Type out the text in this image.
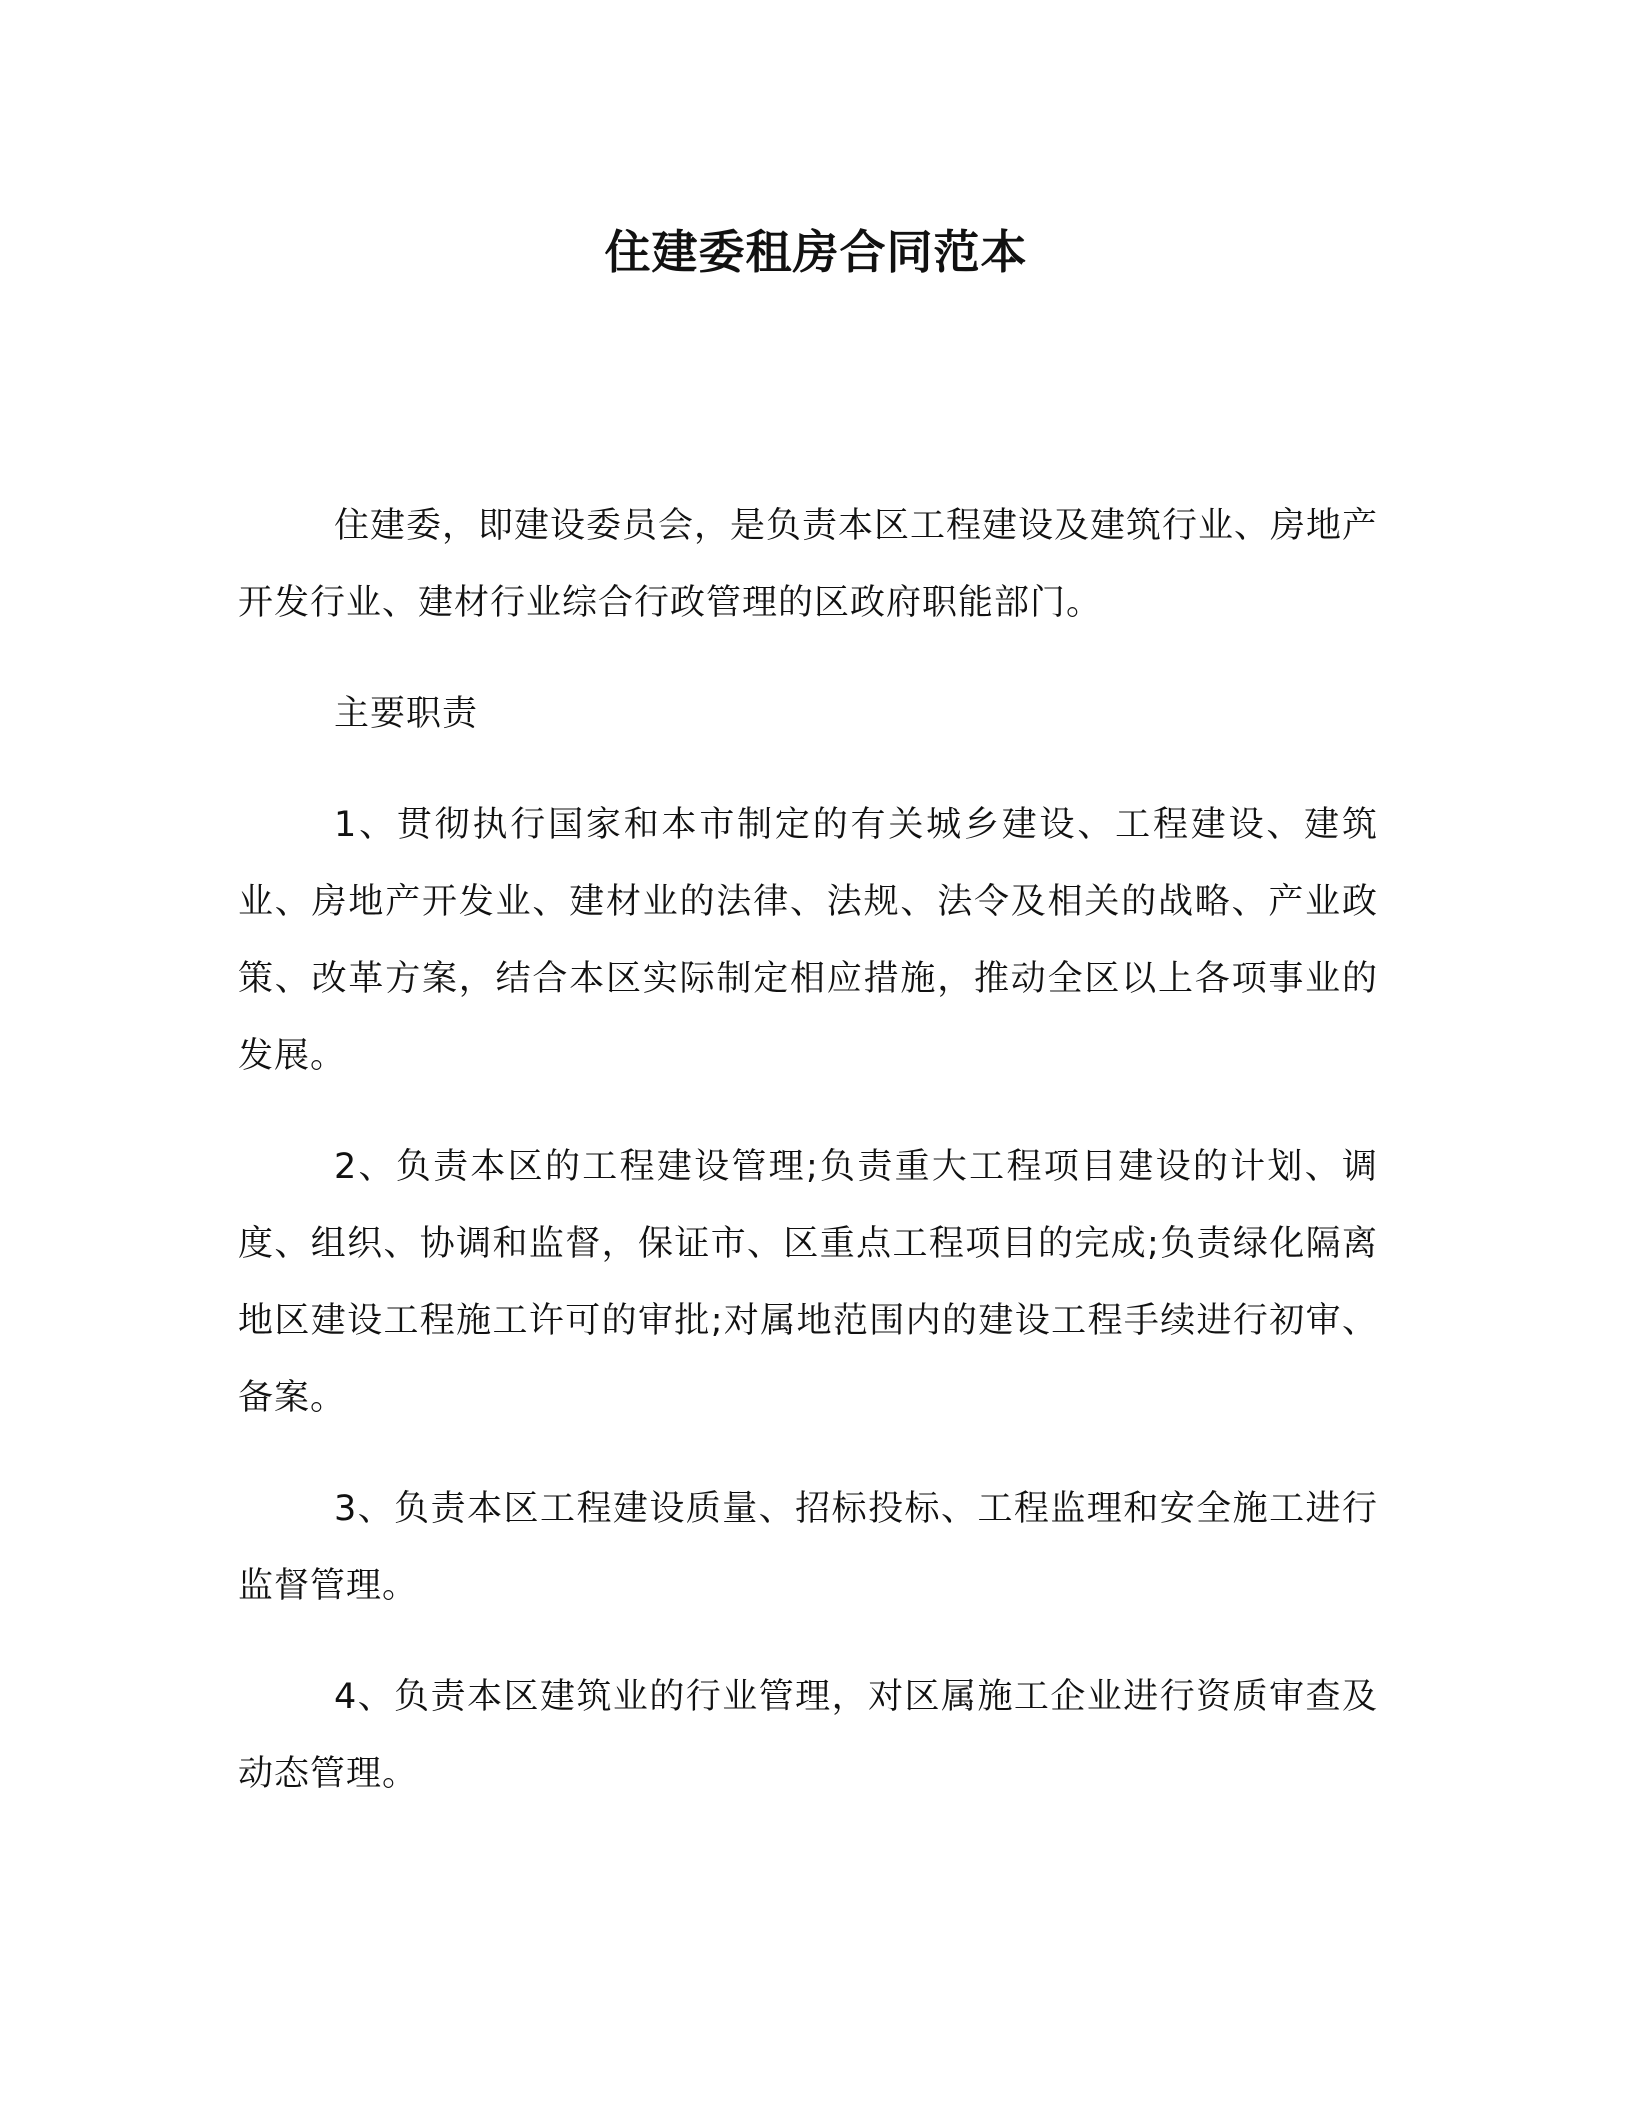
住建委租房合同范本

住建委，即建设委员会，是负责本区工程建设及建筑行业、房地产开发行业、建材行业综合行政管理的区政府职能部门。

主要职责

1、贯彻执行国家和本市制定的有关城乡建设、工程建设、建筑业、房地产开发业、建材业的法律、法规、法令及相关的战略、产业政策、改革方案，结合本区实际制定相应措施，推动全区以上各项事业的发展。

2、负责本区的工程建设管理;负责重大工程项目建设的计划、调度、组织、协调和监督，保证市、区重点工程项目的完成;负责绿化隔离地区建设工程施工许可的审批;对属地范围内的建设工程手续进行初审、备案。

3、负责本区工程建设质量、招标投标、工程监理和安全施工进行监督管理。

4、负责本区建筑业的行业管理，对区属施工企业进行资质审查及动态管理。
